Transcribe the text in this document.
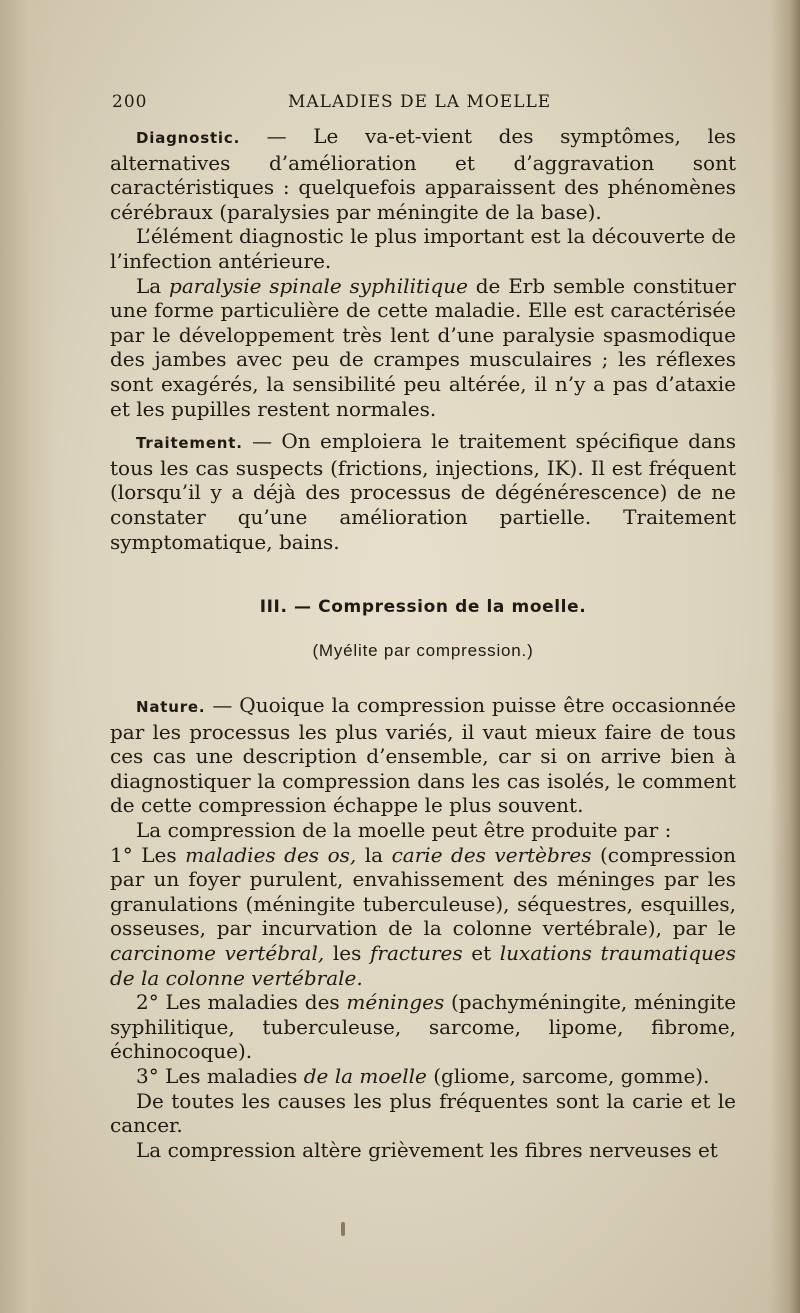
200	MALADIES DE LA MOELLE

Diagnostic. — Le va-et-vient des symptômes, les alternatives d’amélioration et d’aggravation sont caractéristiques : quelquefois apparaissent des phénomènes cérébraux (paralysies par méningite de la base).

L’élément diagnostic le plus important est la découverte de l’infection antérieure.

La paralysie spinale syphilitique de Erb semble constituer une forme particulière de cette maladie. Elle est caractérisée par le développement très lent d’une paralysie spasmodique des jambes avec peu de crampes musculaires ; les réflexes sont exagérés, la sensibilité peu altérée, il n’y a pas d’ataxie et les pupilles restent normales.

Traitement. — On emploiera le traitement spécifique dans tous les cas suspects (frictions, injections, IK). Il est fréquent (lorsqu’il y a déjà des processus de dégénérescence) de ne constater qu’une amélioration partielle. Traitement symptomatique, bains.

III. — Compression de la moelle.
(Myélite par compression.)

Nature. — Quoique la compression puisse être occasionnée par les processus les plus variés, il vaut mieux faire de tous ces cas une description d’ensemble, car si on arrive bien à diagnostiquer la compression dans les cas isolés, le comment de cette compression échappe le plus souvent.

La compression de la moelle peut être produite par :

1° Les maladies des os, la carie des vertèbres (compression par un foyer purulent, envahissement des méninges par les granulations (méningite tuberculeuse), séquestres, esquilles, osseuses, par incurvation de la colonne vertébrale), par le carcinome vertébral, les fractures et luxations traumatiques de la colonne vertébrale.

2° Les maladies des méninges (pachyméningite, méningite syphilitique, tuberculeuse, sarcome, lipome, fibrome, échinocoque).

3° Les maladies de la moelle (gliome, sarcome, gomme).

De toutes les causes les plus fréquentes sont la carie et le cancer.

La compression altère grièvement les fibres nerveuses et
